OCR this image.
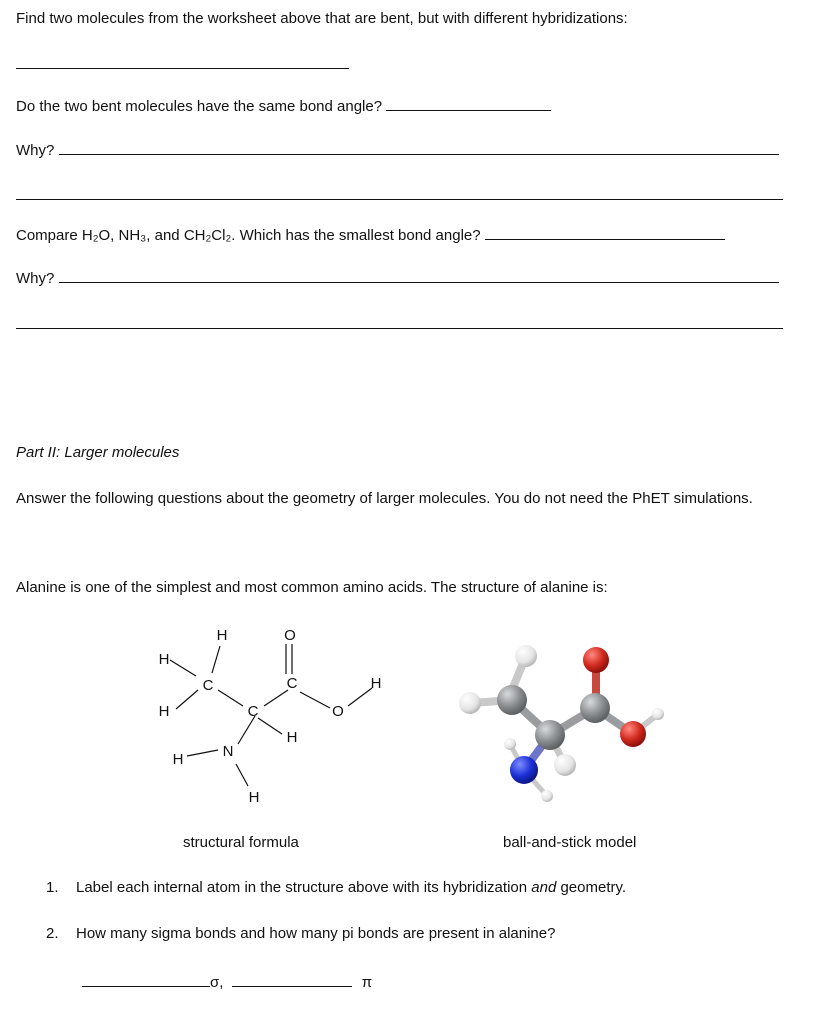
Find two molecules from the worksheet above that are bent, but with different hybridizations:
Do the two bent molecules have the same bond angle?
Why?
Compare H₂O, NH₃, and CH₂Cl₂. Which has the smallest bond angle?
Why?
Part II: Larger molecules
Answer the following questions about the geometry of larger molecules. You do not need the PhET simulations.
Alanine is one of the simplest and most common amino acids. The structure of alanine is:
H	O
H
C	C	H
H	C	O
H
H	N
H
structural formula	ball-and-stick model
1. Label each internal atom in the structure above with its hybridization and geometry.
2. How many sigma bonds and how many pi bonds are present in alanine?
σ,	π
